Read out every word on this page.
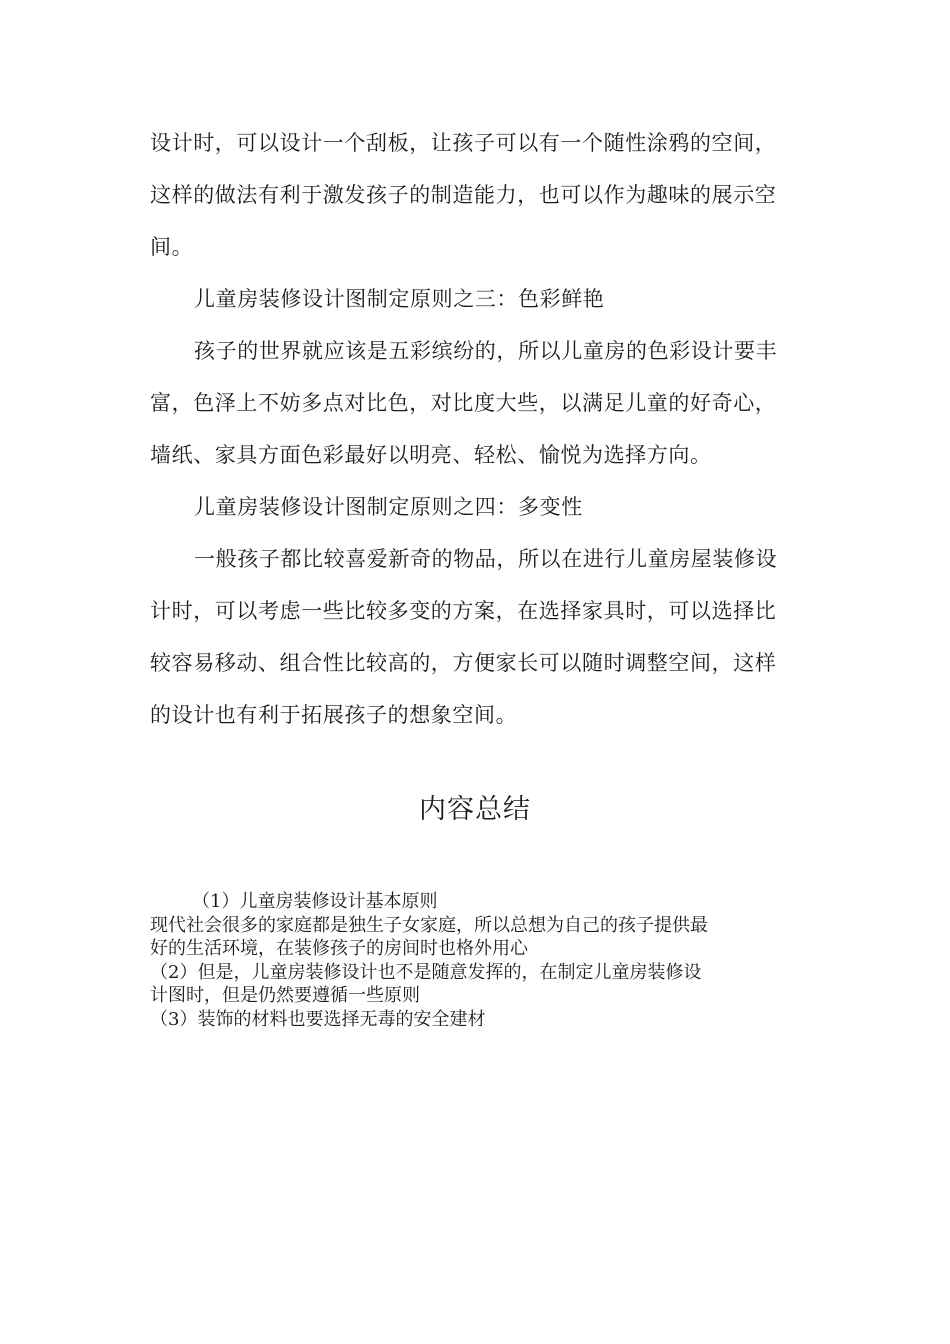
设计时，可以设计一个刮板，让孩子可以有一个随性涂鸦的空间，

这样的做法有利于激发孩子的制造能力，也可以作为趣味的展示空

间。

儿童房装修设计图制定原则之三：色彩鲜艳

孩子的世界就应该是五彩缤纷的，所以儿童房的色彩设计要丰

富，色泽上不妨多点对比色，对比度大些，以满足儿童的好奇心，

墙纸、家具方面色彩最好以明亮、轻松、愉悦为选择方向。

儿童房装修设计图制定原则之四：多变性

一般孩子都比较喜爱新奇的物品，所以在进行儿童房屋装修设

计时，可以考虑一些比较多变的方案，在选择家具时，可以选择比

较容易移动、组合性比较高的，方便家长可以随时调整空间，这样

的设计也有利于拓展孩子的想象空间。

内容总结

（1）儿童房装修设计基本原则

现代社会很多的家庭都是独生子女家庭，所以总想为自己的孩子提供最

好的生活环境，在装修孩子的房间时也格外用心

（2）但是，儿童房装修设计也不是随意发挥的，在制定儿童房装修设

计图时，但是仍然要遵循一些原则

（3）装饰的材料也要选择无毒的安全建材
